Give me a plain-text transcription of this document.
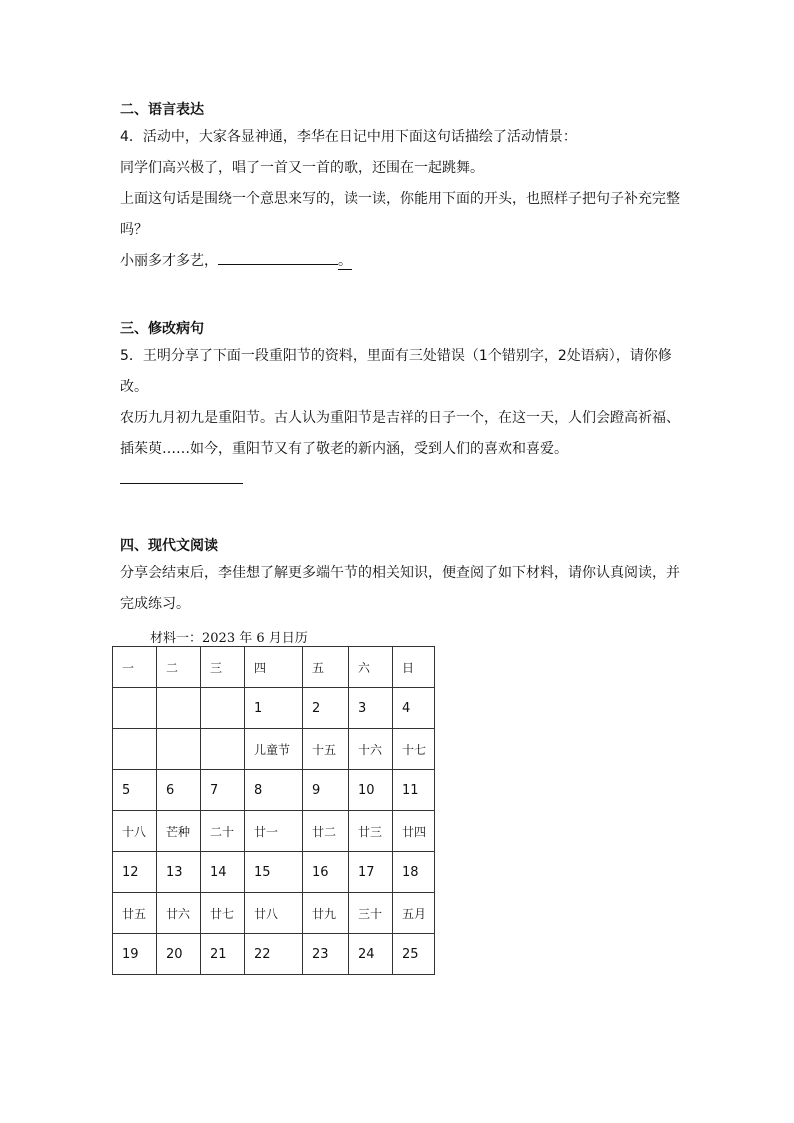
二、语言表达
4．活动中，大家各显神通，李华在日记中用下面这句话描绘了活动情景：
同学们高兴极了，唱了一首又一首的歌，还围在一起跳舞。
上面这句话是围绕一个意思来写的，读一读，你能用下面的开头，也照样子把句子补充完整
吗？
小丽多才多艺，	。
三、修改病句
5．王明分享了下面一段重阳节的资料，里面有三处错误（1个错别字，2处语病），请你修
改。
农历九月初九是重阳节。古人认为重阳节是吉祥的日子一个，在这一天，人们会蹬高祈福、
插茱萸……如今，重阳节又有了敬老的新内涵，受到人们的喜欢和喜爱。
四、现代文阅读
分享会结束后，李佳想了解更多端午节的相关知识，便查阅了如下材料，请你认真阅读，并
完成练习。
材料一：2023 年 6 月日历
一	二	三	四	五	六	日
			1	2	3	4
			儿童节	十五	十六	十七
5	6	7	8	9	10	11
十八	芒种	二十	廿一	廿二	廿三	廿四
12	13	14	15	16	17	18
廿五	廿六	廿七	廿八	廿九	三十	五月
19	20	21	22	23	24	25
